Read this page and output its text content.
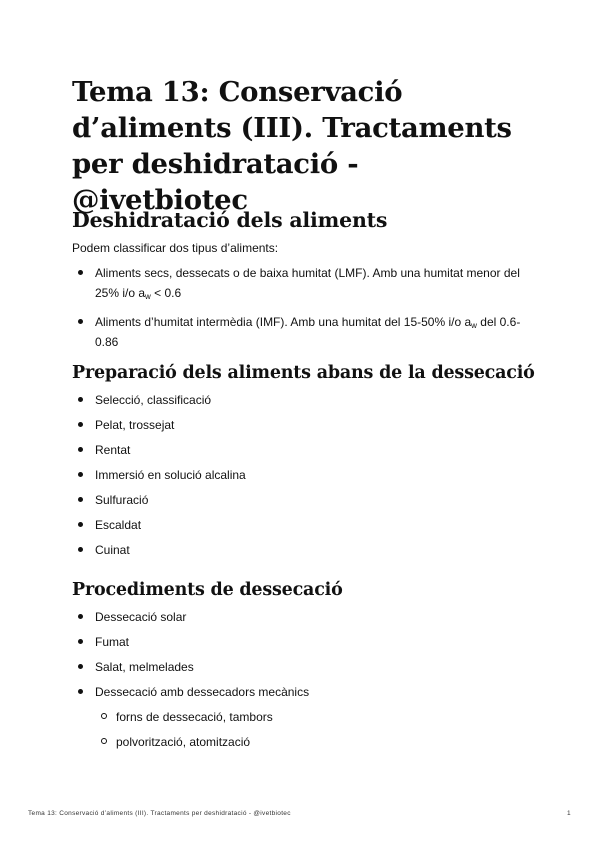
Tema 13: Conservació d’aliments (III). Tractaments per deshidratació - @ivetbiotec
Deshidratació dels aliments

Podem classificar dos tipus d’aliments:

Aliments secs, dessecats o de baixa humitat (LMF). Amb una humitat menor del 25% i/o $a_w < 0.6$
Aliments d’humitat intermèdia (IMF). Amb una humitat del 15-50% i/o $a_w$ del 0.6-0.86
Preparació dels aliments abans de la dessecació
Selecció, classificació
Pelat, trossejat
Rentat
Immersió en solució alcalina
Sulfuració
Escaldat
Cuinat
Procediments de dessecació
Dessecació solar
Fumat
Salat, melmelades
Dessecació amb dessecadors mecànics
forns de dessecació, tambors
polvorització, atomització
Tema 13: Conservació d’aliments (III). Tractaments per deshidratació - @ivetbiotec	1
